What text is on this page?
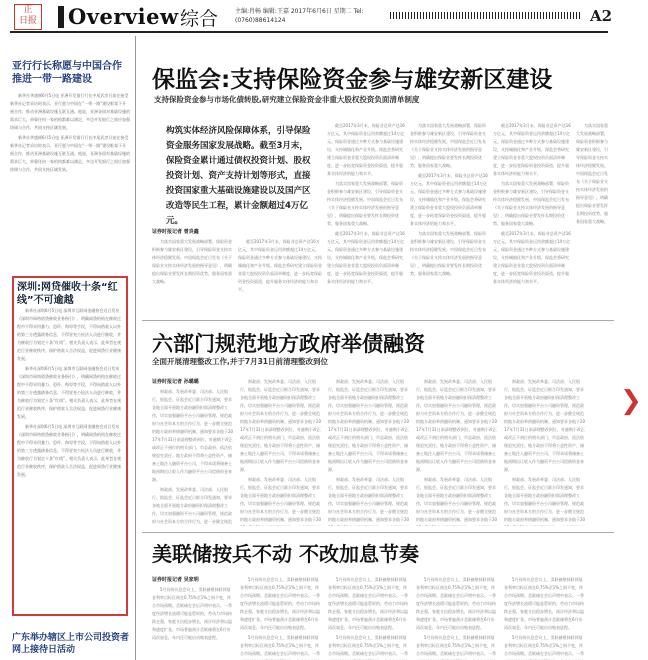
正
日报 Overview 综合	主编:肖畅 编辑:王嘉 2017年6月6日 星期二 Tel:(0760)88614124	A2
亚行行长称愿与中国合作推进一带一路建设

新华社华盛顿6月5日电 亚洲开发银行行长中尾武彦日前在接受新华社记者采访时表示，亚行愿与中国在“一带一路”建设框架下开展合作，推动亚洲基础设施互联互通。他说，亚洲各国对基础设施的需求巨大，单靠任何一家机构都难以满足，多边开发银行之间应加强协调与合作，共同支持区域发展。

新华社华盛顿6月5日电 亚洲开发银行行长中尾武彦日前在接受新华社记者采访时表示，亚行愿与中国在“一带一路”建设框架下开展合作，推动亚洲基础设施互联互通。他说，亚洲各国对基础设施的需求巨大，单靠任何一家机构都难以满足，多边开发银行之间应加强协调与合作，共同支持区域发展。

深圳:网贷催收十条“红线”不可逾越

新华社深圳6月5日电 深圳市互联网金融协会近日发布《深圳市网络借贷催收业务指引》，明确网贷机构在催收过程中不得采用暴力、恐吓、侮辱等手段，不得向借款人以外的第三方透露债务信息，不得冒充公检法人员进行催收，并为催收行为划定十条“红线”。相关负责人表示，此举旨在规范行业催收秩序，保护借款人合法权益，促进网贷行业健康发展。

新华社深圳6月5日电 深圳市互联网金融协会近日发布《深圳市网络借贷催收业务指引》，明确网贷机构在催收过程中不得采用暴力、恐吓、侮辱等手段，不得向借款人以外的第三方透露债务信息，不得冒充公检法人员进行催收，并为催收行为划定十条“红线”。相关负责人表示，此举旨在规范行业催收秩序，保护借款人合法权益，促进网贷行业健康发展。

新华社深圳6月5日电 深圳市互联网金融协会近日发布《深圳市网络借贷催收业务指引》，明确网贷机构在催收过程中不得采用暴力、恐吓、侮辱等手段，不得向借款人以外的第三方透露债务信息，不得冒充公检法人员进行催收，并为催收行为划定十条“红线”。相关负责人表示，此举旨在规范行业催收秩序，保护借款人合法权益，促进网贷行业健康发展。

广东举办辖区上市公司投资者网上接待日活动
保监会:支持保险资金参与雄安新区建设
支持保险资金参与市场化债转股,研究建立保险资金非重大股权投资负面清单制度
构筑实体经济风险保障体系，引导保险资金服务国家发展战略。截至3月末，保险资金累计通过债权投资计划、股权投资计划、资产支持计划等形式，直接投资国家重大基础设施建设以及国产区改造等民生工程，累计金额超过4万亿元。

截至2017年3月末，保险业总资产达16万亿元，其中保险资金运用余额超过14万亿元。保险资金通过多种方式参与基础设施建设，支持城镇化和产业升级。保监会将研究建立保险资金非重大股权投资负面清单制度，进一步拓宽保险资金投资渠道，提升服务实体经济的能力和水平。

为落实国家重大发展战略部署，保险资金积极参与雄安新区建设，引导保险资金支持实体经济稳健发展。中国保监会近日发布《关于保险业支持实体经济发展的指导意见》，明确提出保险业要发挥长期投资优势，服务国家重大战略。

截至2017年3月末，保险业总资产达16万亿元，其中保险资金运用余额超过14万亿元。保险资金通过多种方式参与基础设施建设，支持城镇化和产业升级。保监会将研究建立保险资金非重大股权投资负面清单制度，进一步拓宽保险资金投资渠道，提升服务实体经济的能力和水平。

为落实国家重大发展战略部署，保险资金积极参与雄安新区建设，引导保险资金支持实体经济稳健发展。中国保监会近日发布《关于保险业支持实体经济发展的指导意见》，明确提出保险业要发挥长期投资优势，服务国家重大战略。

截至2017年3月末，保险业总资产达16万亿元，其中保险资金运用余额超过14万亿元。保险资金通过多种方式参与基础设施建设，支持城镇化和产业升级。保监会将研究建立保险资金非重大股权投资负面清单制度，进一步拓宽保险资金投资渠道，提升服务实体经济的能力和水平。

为落实国家重大发展战略部署，保险资金积极参与雄安新区建设，引导保险资金支持实体经济稳健发展。中国保监会近日发布《关于保险业支持实体经济发展的指导意见》，明确提出保险业要发挥长期投资优势，服务国家重大战略。

截至2017年3月末，保险业总资产达16万亿元，其中保险资金运用余额超过14万亿元。保险资金通过多种方式参与基础设施建设，支持城镇化和产业升级。保监会将研究建立保险资金非重大股权投资负面清单制度，进一步拓宽保险资金投资渠道，提升服务实体经济的能力和水平。

为落实国家重大发展战略部署，保险资金积极参与雄安新区建设，引导保险资金支持实体经济稳健发展。中国保监会近日发布《关于保险业支持实体经济发展的指导意见》，明确提出保险业要发挥长期投资优势，服务国家重大战略。

截至2017年3月末，保险业总资产达16万亿元，其中保险资金运用余额超过14万亿元。保险资金通过多种方式参与基础设施建设，支持城镇化和产业升级。保监会将研究建立保险资金非重大股权投资负面清单制度，进一步拓宽保险资金投资渠道，提升服务实体经济的能力和水平。

为落实国家重大发展战略部署，保险资金积极参与雄安新区建设，引导保险资金支持实体经济稳健发展。中国保监会近日发布《关于保险业支持实体经济发展的指导意见》，明确提出保险业要发挥长期投资优势，服务国家重大战略。

证券时报记者 曾炎鑫

为落实国家重大发展战略部署，保险资金积极参与雄安新区建设，引导保险资金支持实体经济稳健发展。中国保监会近日发布《关于保险业支持实体经济发展的指导意见》，明确提出保险业要发挥长期投资优势，服务国家重大战略。

截至2017年3月末，保险业总资产达16万亿元，其中保险资金运用余额超过14万亿元。保险资金通过多种方式参与基础设施建设，支持城镇化和产业升级。保监会将研究建立保险资金非重大股权投资负面清单制度，进一步拓宽保险资金投资渠道，提升服务实体经济的能力和水平。

六部门规范地方政府举债融资
全面开展清理整改工作,并于7月31日前清理整改到位
证券时报记者 孙璐璐

财政部、发展改革委、司法部、人民银行、银监会、证监会近日联合印发通知，要求各地全面开展地方政府融资担保清理整改工作，切实加强融资平台公司融资管理，规范政府与社会资本方的合作行为，进一步健全规范的地方政府举债融资机制。通知要求各地于2017年7月31日前清理整改到位，对逾期不改正或改正不到位的相关部门、市县政府，依法依规追究责任。地方政府不得将公益性资产、储备土地注入融资平台公司，不得承诺将储备土地预期出让收入作为融资平台公司偿债资金来源。

财政部、发展改革委、司法部、人民银行、银监会、证监会近日联合印发通知，要求各地全面开展地方政府融资担保清理整改工作，切实加强融资平台公司融资管理，规范政府与社会资本方的合作行为，进一步健全规范

财政部、发展改革委、司法部、人民银行、银监会、证监会近日联合印发通知，要求各地全面开展地方政府融资担保清理整改工作，切实加强融资平台公司融资管理，规范政府与社会资本方的合作行为，进一步健全规范的地方政府举债融资机制。通知要求各地于2017年7月31日前清理整改到位，对逾期不改正或改正不到位的相关部门、市县政府，依法依规追究责任。地方政府不得将公益性资产、储备土地注入融资平台公司，不得承诺将储备土地预期出让收入作为融资平台公司偿债资金来源。

财政部、发展改革委、司法部、人民银行、银监会、证监会近日联合印发通知，要求各地全面开展地方政府融资担保清理整改工作，切实加强融资平台公司融资管理，规范政府与社会资本方的合作行为，进一步健全规范的地方政府举债融资机制。通知要求各地于20

财政部、发展改革委、司法部、人民银行、银监会、证监会近日联合印发通知，要求各地全面开展地方政府融资担保清理整改工作，切实加强融资平台公司融资管理，规范政府与社会资本方的合作行为，进一步健全规范的地方政府举债融资机制。通知要求各地于2017年7月31日前清理整改到位，对逾期不改正或改正不到位的相关部门、市县政府，依法依规追究责任。地方政府不得将公益性资产、储备土地注入融资平台公司，不得承诺将储备土地预期出让收入作为融资平台公司偿债资金来源。

财政部、发展改革委、司法部、人民银行、银监会、证监会近日联合印发通知，要求各地全面开展地方政府融资担保清理整改工作，切实加强融资平台公司融资管理，规范政府与社会资本方的合作行为，进一步健全规范的地方政府举债融资机制。通知要求各地于20

财政部、发展改革委、司法部、人民银行、银监会、证监会近日联合印发通知，要求各地全面开展地方政府融资担保清理整改工作，切实加强融资平台公司融资管理，规范政府与社会资本方的合作行为，进一步健全规范的地方政府举债融资机制。通知要求各地于2017年7月31日前清理整改到位，对逾期不改正或改正不到位的相关部门、市县政府，依法依规追究责任。地方政府不得将公益性资产、储备土地注入融资平台公司，不得承诺将储备土地预期出让收入作为融资平台公司偿债资金来源。

财政部、发展改革委、司法部、人民银行、银监会、证监会近日联合印发通知，要求各地全面开展地方政府融资担保清理整改工作，切实加强融资平台公司融资管理，规范政府与社会资本方的合作行为，进一步健全规范的地方政府举债融资机制。通知要求各地于20

财政部、发展改革委、司法部、人民银行、银监会、证监会近日联合印发通知，要求各地全面开展地方政府融资担保清理整改工作，切实加强融资平台公司融资管理，规范政府与社会资本方的合作行为，进一步健全规范的地方政府举债融资机制。通知要求各地于2017年7月31日前清理整改到位，对逾期不改正或改正不到位的相关部门、市县政府，依法依规追究责任。地方政府不得将公益性资产、储备土地注入融资平台公司，不得承诺将储备土地预期出让收入作为融资平台公司偿债资金来源。

财政部、发展改革委、司法部、人民银行、银监会、证监会近日联合印发通知，要求各地全面开展地方政府融资担保清理整改工作，切实加强融资平台公司融资管理，规范政府与社会资本方的合作行为，进一步健全规范的地方政府举债融资机制。通知要求各地于20

美联储按兵不动 不改加息节奏
证券时报记者 吴家明

5月份的议息会议上，美联储维持联邦基金利率目标区间在0.75%至1%之间不变，符合市场预期。美联储在会后声明中表示，一季度经济增长放缓可能是暂时的，劳动力市场持续走强，家庭支出稳步增长，预计经济将以温和速度扩张。市场普遍预计美联储将在6月份再次加息，年内还可能启动缩表进程。

5月份的议息会议上，美联储维持联邦基金利率目标区间在0.75%至1%之间不变，符合市场预期。美联储在会后声明中表示，一季度经济增长放缓可能是暂时的，劳动力市场持续走强，家庭支出稳步增长，预计经济将以温和速度扩张。市场普遍预计美联储将在6月份再次加息，年内还可能启动缩表进程。

5月份的议息会议上，美联储维持联邦基金利率目标区间在0.75%至1%之间不变，符合市场预期。美联储在会后声明中表示，一季

5月份的议息会议上，美联储维持联邦基金利率目标区间在0.75%至1%之间不变，符合市场预期。美联储在会后声明中表示，一季度经济增长放缓可能是暂时的，劳动力市场持续走强，家庭支出稳步增长，预计经济将以温和速度扩张。市场普遍预计美联储将在6月份再次加息，年内还可能启动缩表进程。

5月份的议息会议上，美联储维持联邦基金利率目标区间在0.75%至1%之间不变，符合市场预期。美联储在会后声明中表示，一季

5月份的议息会议上，美联储维持联邦基金利率目标区间在0.75%至1%之间不变，符合市场预期。美联储在会后声明中表示，一季度经济增长放缓可能是暂时的，劳动力市场持续走强，家庭支出稳步增长，预计经济将以温和速度扩张。市场普遍预计美联储将在6月份再次加息，年内还可能启动缩表进程。

5月份的议息会议上，美联储维持联邦基金利率目标区间在0.75%至1%之间不变，符合市场预期。美联储在会后声明中表示，一季

5月份的议息会议上，美联储维持联邦基金利率目标区间在0.75%至1%之间不变，符合市场预期。美联储在会后声明中表示，一季度经济增长放缓可能是暂时的，劳动力市场持续走强，家庭支出稳步增长，预计经济将以温和速度扩张。市场普遍预计美联储将在6月份再次加息，年内还可能启动缩表进程。

5月份的议息会议上，美联储维持联邦基金利率目标区间在0.75%至1%之间不变，符合市场预期。美联储在会后声明中表示，一季

❯
